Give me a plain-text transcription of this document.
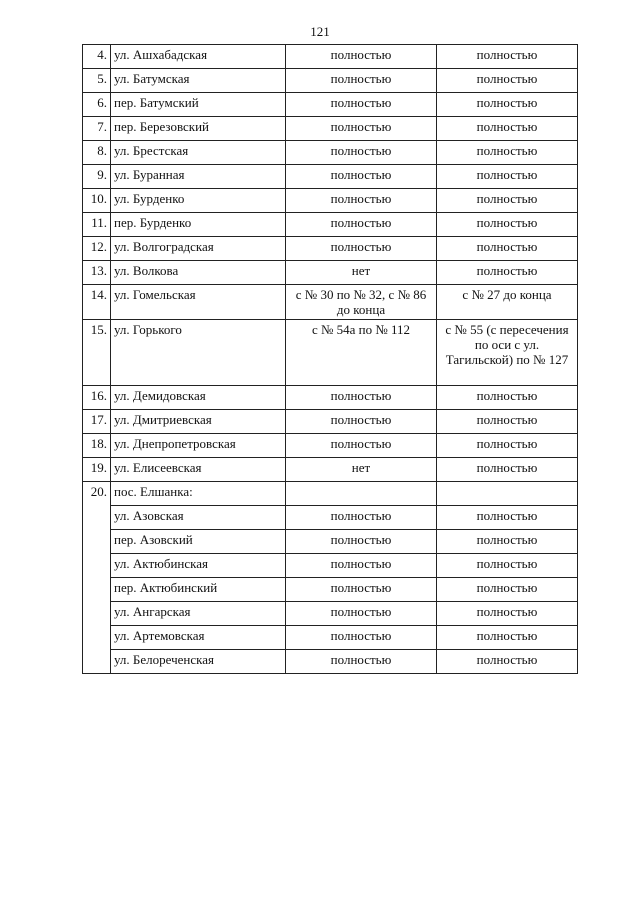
121
4.	ул. Ашхабадская	полностью	полностью
5.	ул. Батумская	полностью	полностью
6.	пер. Батумский	полностью	полностью
7.	пер. Березовский	полностью	полностью
8.	ул. Брестская	полностью	полностью
9.	ул. Буранная	полностью	полностью
10.	ул. Бурденко	полностью	полностью
11.	пер. Бурденко	полностью	полностью
12.	ул. Волгоградская	полностью	полностью
13.	ул. Волкова	нет	полностью
14.	ул. Гомельская	с № 30 по № 32, с № 86 до конца	с № 27 до конца
15.	ул. Горького	с № 54а по № 112	с № 55 (с пересечения по оси с ул. Тагильской) по № 127
16.	ул. Демидовская	полностью	полностью
17.	ул. Дмитриевская	полностью	полностью
18.	ул. Днепропетровская	полностью	полностью
19.	ул. Елисеевская	нет	полностью
20.	пос. Елшанка:		
	ул. Азовская	полностью	полностью
	пер. Азовский	полностью	полностью
	ул. Актюбинская	полностью	полностью
	пер. Актюбинский	полностью	полностью
	ул. Ангарская	полностью	полностью
	ул. Артемовская	полностью	полностью
	ул. Белореченская	полностью	полностью
